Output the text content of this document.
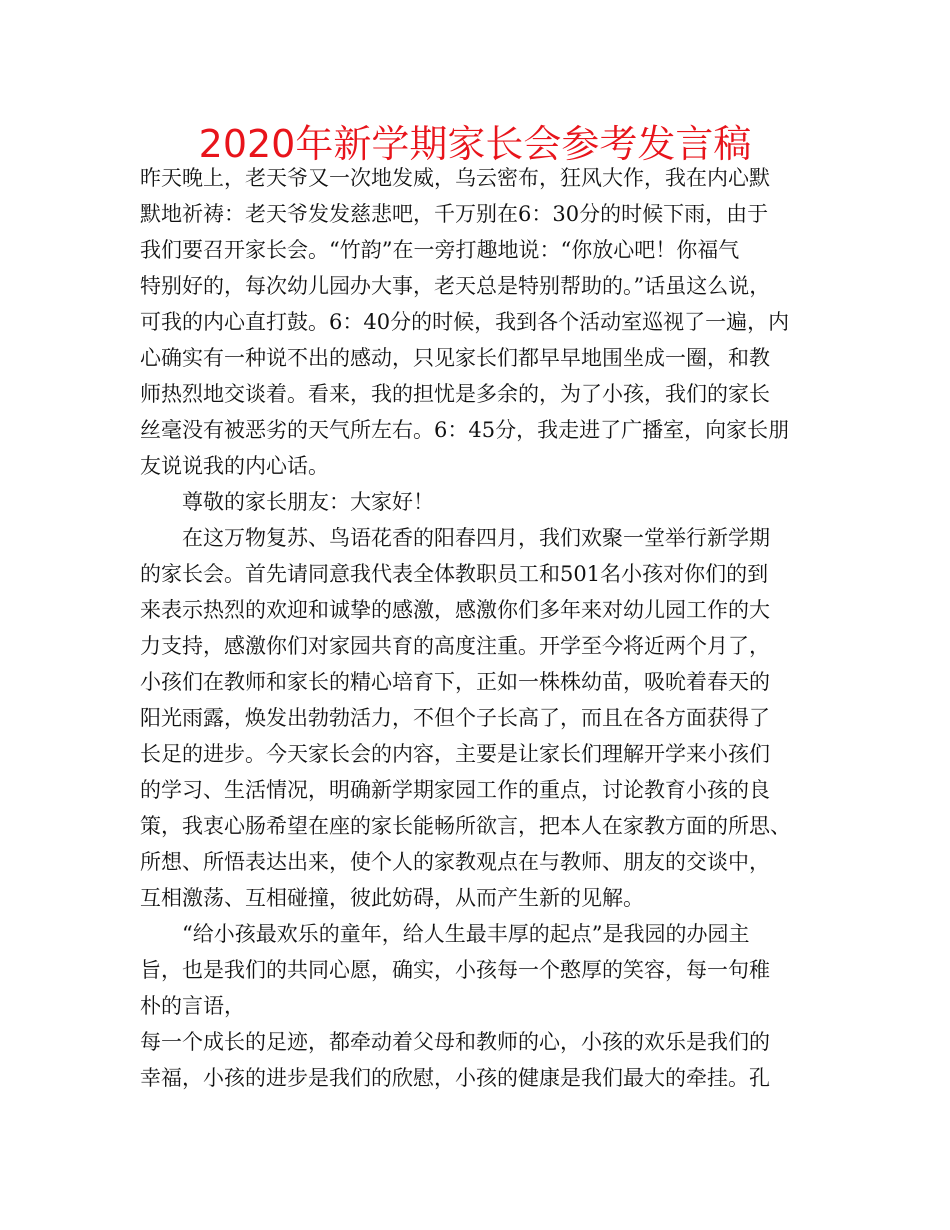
2020年新学期家长会参考发言稿
昨天晚上，老天爷又一次地发威，乌云密布，狂风大作，我在内心默
默地祈祷：老天爷发发慈悲吧，千万别在6：30分的时候下雨，由于
我们要召开家长会。“竹韵”在一旁打趣地说：“你放心吧！你福气
特别好的，每次幼儿园办大事，老天总是特别帮助的。”话虽这么说，
可我的内心直打鼓。6：40分的时候，我到各个活动室巡视了一遍，内
心确实有一种说不出的感动，只见家长们都早早地围坐成一圈，和教
师热烈地交谈着。看来，我的担忧是多余的，为了小孩，我们的家长
丝毫没有被恶劣的天气所左右。6：45分，我走进了广播室，向家长朋
友说说我的内心话。
尊敬的家长朋友：大家好！
在这万物复苏、鸟语花香的阳春四月，我们欢聚一堂举行新学期
的家长会。首先请同意我代表全体教职员工和501名小孩对你们的到
来表示热烈的欢迎和诚挚的感激，感激你们多年来对幼儿园工作的大
力支持，感激你们对家园共育的高度注重。开学至今将近两个月了，
小孩们在教师和家长的精心培育下，正如一株株幼苗，吸吮着春天的
阳光雨露，焕发出勃勃活力，不但个子长高了，而且在各方面获得了
长足的进步。今天家长会的内容，主要是让家长们理解开学来小孩们
的学习、生活情况，明确新学期家园工作的重点，讨论教育小孩的良
策，我衷心肠希望在座的家长能畅所欲言，把本人在家教方面的所思、
所想、所悟表达出来，使个人的家教观点在与教师、朋友的交谈中，
互相激荡、互相碰撞，彼此妨碍，从而产生新的见解。
“给小孩最欢乐的童年，给人生最丰厚的起点”是我园的办园主
旨，也是我们的共同心愿，确实，小孩每一个憨厚的笑容，每一句稚
朴的言语，
每一个成长的足迹，都牵动着父母和教师的心，小孩的欢乐是我们的
幸福，小孩的进步是我们的欣慰，小孩的健康是我们最大的牵挂。孔
